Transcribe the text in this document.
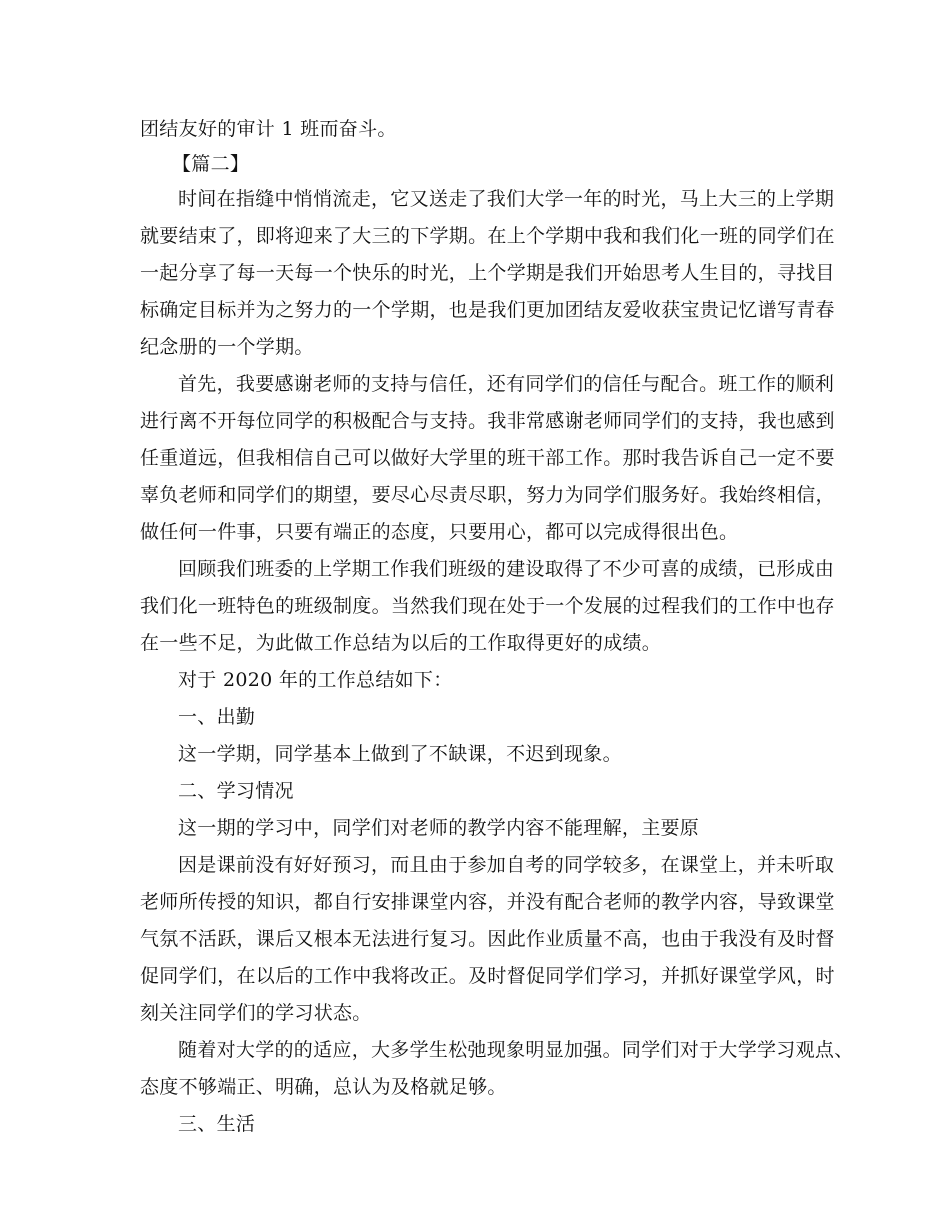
团结友好的审计 1 班而奋斗。
【篇二】
时间在指缝中悄悄流走，它又送走了我们大学一年的时光，马上大三的上学期
就要结束了，即将迎来了大三的下学期。在上个学期中我和我们化一班的同学们在
一起分享了每一天每一个快乐的时光，上个学期是我们开始思考人生目的，寻找目
标确定目标并为之努力的一个学期，也是我们更加团结友爱收获宝贵记忆谱写青春
纪念册的一个学期。
首先，我要感谢老师的支持与信任，还有同学们的信任与配合。班工作的顺利
进行离不开每位同学的积极配合与支持。我非常感谢老师同学们的支持，我也感到
任重道远，但我相信自己可以做好大学里的班干部工作。那时我告诉自己一定不要
辜负老师和同学们的期望，要尽心尽责尽职，努力为同学们服务好。我始终相信，
做任何一件事，只要有端正的态度，只要用心，都可以完成得很出色。
回顾我们班委的上学期工作我们班级的建设取得了不少可喜的成绩，已形成由
我们化一班特色的班级制度。当然我们现在处于一个发展的过程我们的工作中也存
在一些不足，为此做工作总结为以后的工作取得更好的成绩。
对于 2020 年的工作总结如下：
一、出勤
这一学期，同学基本上做到了不缺课，不迟到现象。
二、学习情况
这一期的学习中，同学们对老师的教学内容不能理解，主要原
因是课前没有好好预习，而且由于参加自考的同学较多，在课堂上，并未听取
老师所传授的知识，都自行安排课堂内容，并没有配合老师的教学内容，导致课堂
气氛不活跃，课后又根本无法进行复习。因此作业质量不高，也由于我没有及时督
促同学们，在以后的工作中我将改正。及时督促同学们学习，并抓好课堂学风，时
刻关注同学们的学习状态。
随着对大学的的适应，大多学生松弛现象明显加强。同学们对于大学学习观点、
态度不够端正、明确，总认为及格就足够。
三、生活
